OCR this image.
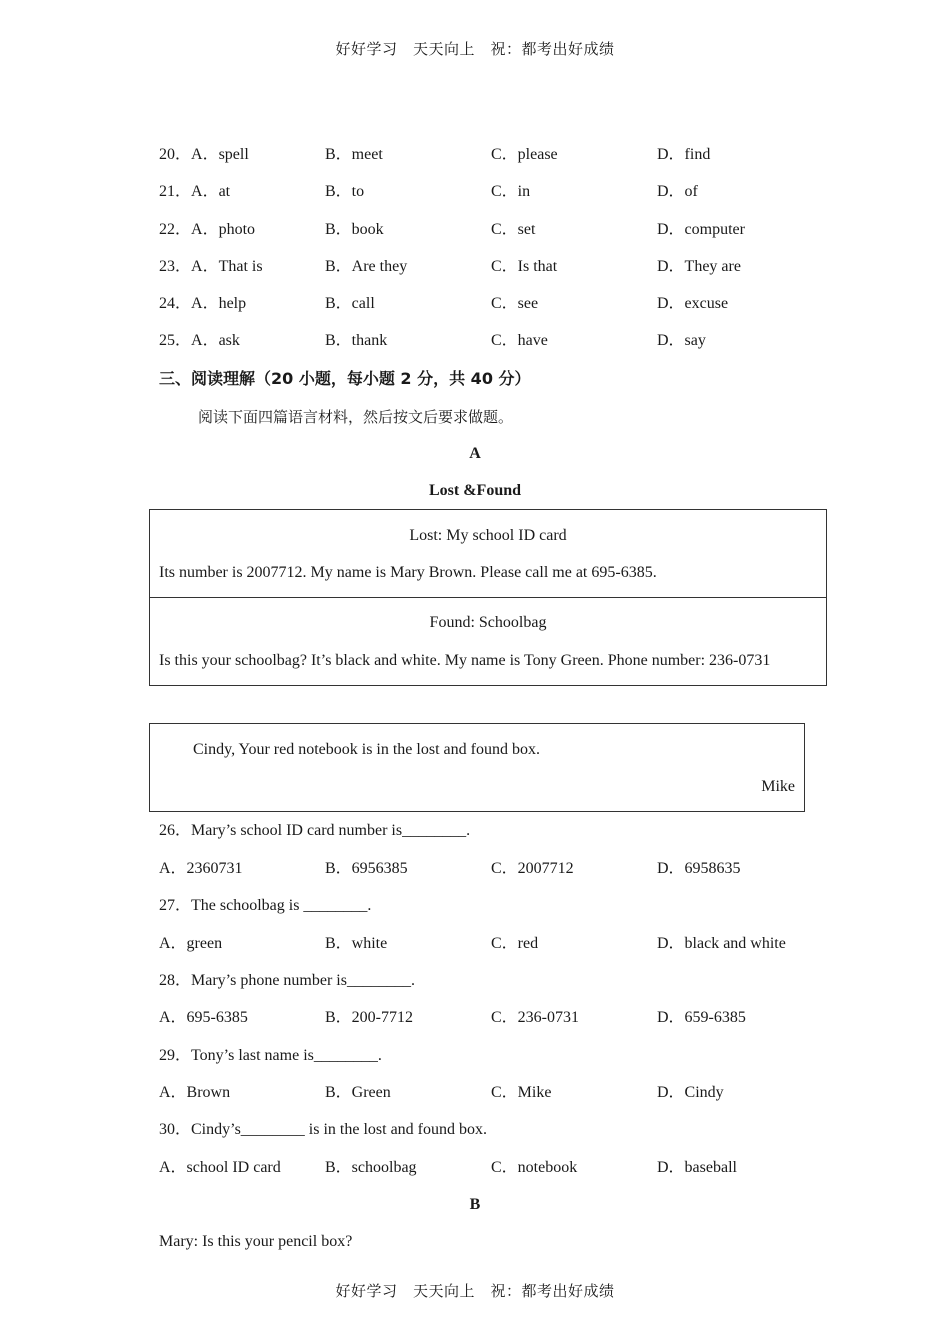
好好学习　天天向上　祝：都考出好成绩
20．A．spell	B．meet	C．please	D．find
21．A．at	B．to	C．in	D．of
22．A．photo	B．book	C．set	D．computer
23．A．That is	B．Are they	C．Is that	D．They are
24．A．help	B．call	C．see	D．excuse
25．A．ask	B．thank	C．have	D．say
三、阅读理解（20 小题，每小题 2 分，共 40 分）
阅读下面四篇语言材料，然后按文后要求做题。
A
Lost &Found
Lost: My school ID card
Its number is 2007712. My name is Mary Brown. Please call me at 695-6385.
Found: Schoolbag
Is this your schoolbag? It’s black and white. My name is Tony Green. Phone number: 236-0731
Cindy, Your red notebook is in the lost and found box.
Mike
26．Mary’s school ID card number is________.
A．2360731	B．6956385	C．2007712	D．6958635
27．The schoolbag is ________.
A．green	B．white	C．red	D．black and white
28．Mary’s phone number is________.
A．695-6385	B．200-7712	C．236-0731	D．659-6385
29．Tony’s last name is________.
A．Brown	B．Green	C．Mike	D．Cindy
30．Cindy’s________ is in the lost and found box.
A．school ID card	B．schoolbag	C．notebook	D．baseball
B
Mary: Is this your pencil box?
好好学习　天天向上　祝：都考出好成绩
